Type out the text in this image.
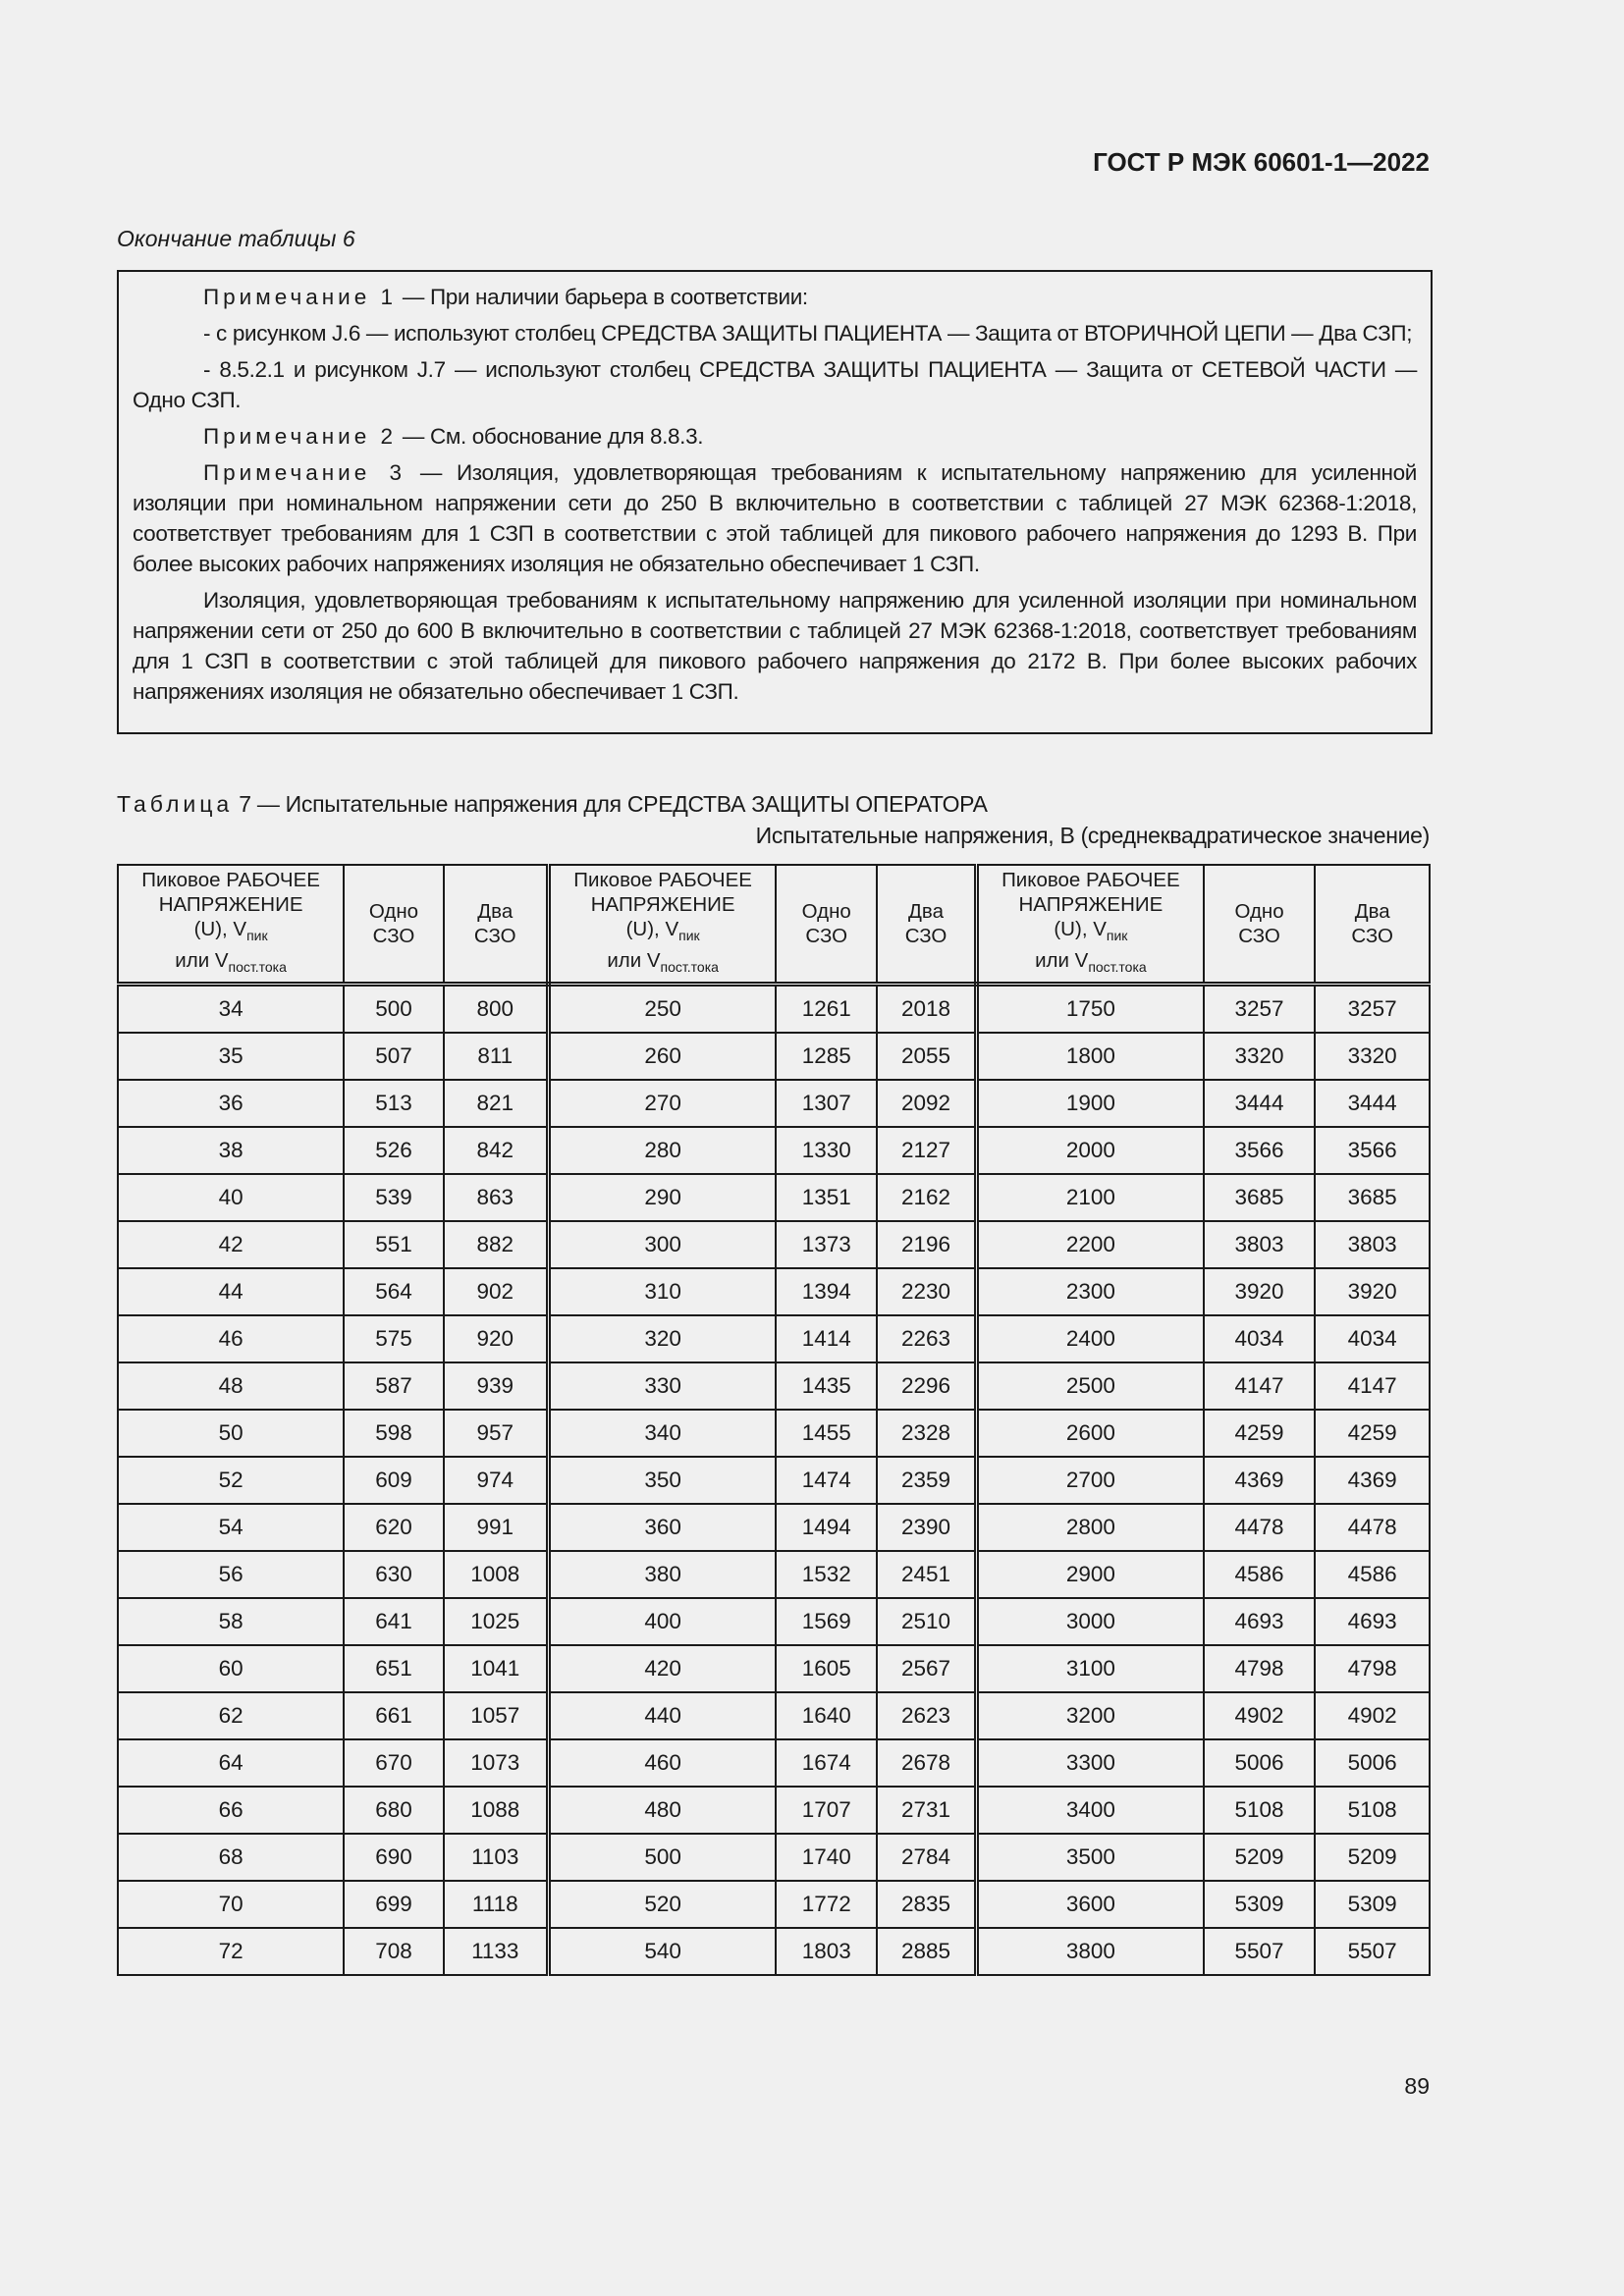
ГОСТ Р МЭК 60601-1—2022
Окончание таблицы 6

Примечание 1 — При наличии барьера в соответствии:

- с рисунком J.6 — используют столбец СРЕДСТВА ЗАЩИТЫ ПАЦИЕНТА — Защита от ВТОРИЧНОЙ ЦЕПИ — Два СЗП;

- 8.5.2.1 и рисунком J.7 — используют столбец СРЕДСТВА ЗАЩИТЫ ПАЦИЕНТА — Защита от СЕТЕВОЙ ЧАСТИ — Одно СЗП.

Примечание 2 — См. обоснование для 8.8.3.

Примечание 3 — Изоляция, удовлетворяющая требованиям к испытательному напряжению для усиленной изоляции при номинальном напряжении сети до 250 В включительно в соответствии с таблицей 27 МЭК 62368-1:2018, соответствует требованиям для 1 СЗП в соответствии с этой таблицей для пикового рабочего напряжения до 1293 В. При более высоких рабочих напряжениях изоляция не обязательно обеспечивает 1 СЗП.

Изоляция, удовлетворяющая требованиям к испытательному напряжению для усиленной изоляции при номинальном напряжении сети от 250 до 600 В включительно в соответствии с таблицей 27 МЭК 62368-1:2018, соответствует требованиям для 1 СЗП в соответствии с этой таблицей для пикового рабочего напряжения до 2172 В. При более высоких рабочих напряжениях изоляция не обязательно обеспечивает 1 СЗП.

Таблица 7 — Испытательные напряжения для СРЕДСТВА ЗАЩИТЫ ОПЕРАТОРА
Испытательные напряжения, В (среднеквадратическое значение)
Пиковое РАБОЧЕЕ
НАПРЯЖЕНИЕ
(U), $V_{пик}$
или $V_{пост.тока}$	Одно СЗО	Два СЗО	Пиковое РАБОЧЕЕ
НАПРЯЖЕНИЕ
(U), $V_{пик}$
или $V_{пост.тока}$	Одно СЗО	Два СЗО	Пиковое РАБОЧЕЕ
НАПРЯЖЕНИЕ
(U), $V_{пик}$
или $V_{пост.тока}$	Одно СЗО	Два СЗО
34	500	800	250	1261	2018	1750	3257	3257
35	507	811	260	1285	2055	1800	3320	3320
36	513	821	270	1307	2092	1900	3444	3444
38	526	842	280	1330	2127	2000	3566	3566
40	539	863	290	1351	2162	2100	3685	3685
42	551	882	300	1373	2196	2200	3803	3803
44	564	902	310	1394	2230	2300	3920	3920
46	575	920	320	1414	2263	2400	4034	4034
48	587	939	330	1435	2296	2500	4147	4147
50	598	957	340	1455	2328	2600	4259	4259
52	609	974	350	1474	2359	2700	4369	4369
54	620	991	360	1494	2390	2800	4478	4478
56	630	1008	380	1532	2451	2900	4586	4586
58	641	1025	400	1569	2510	3000	4693	4693
60	651	1041	420	1605	2567	3100	4798	4798
62	661	1057	440	1640	2623	3200	4902	4902
64	670	1073	460	1674	2678	3300	5006	5006
66	680	1088	480	1707	2731	3400	5108	5108
68	690	1103	500	1740	2784	3500	5209	5209
70	699	1118	520	1772	2835	3600	5309	5309
72	708	1133	540	1803	2885	3800	5507	5507
89
